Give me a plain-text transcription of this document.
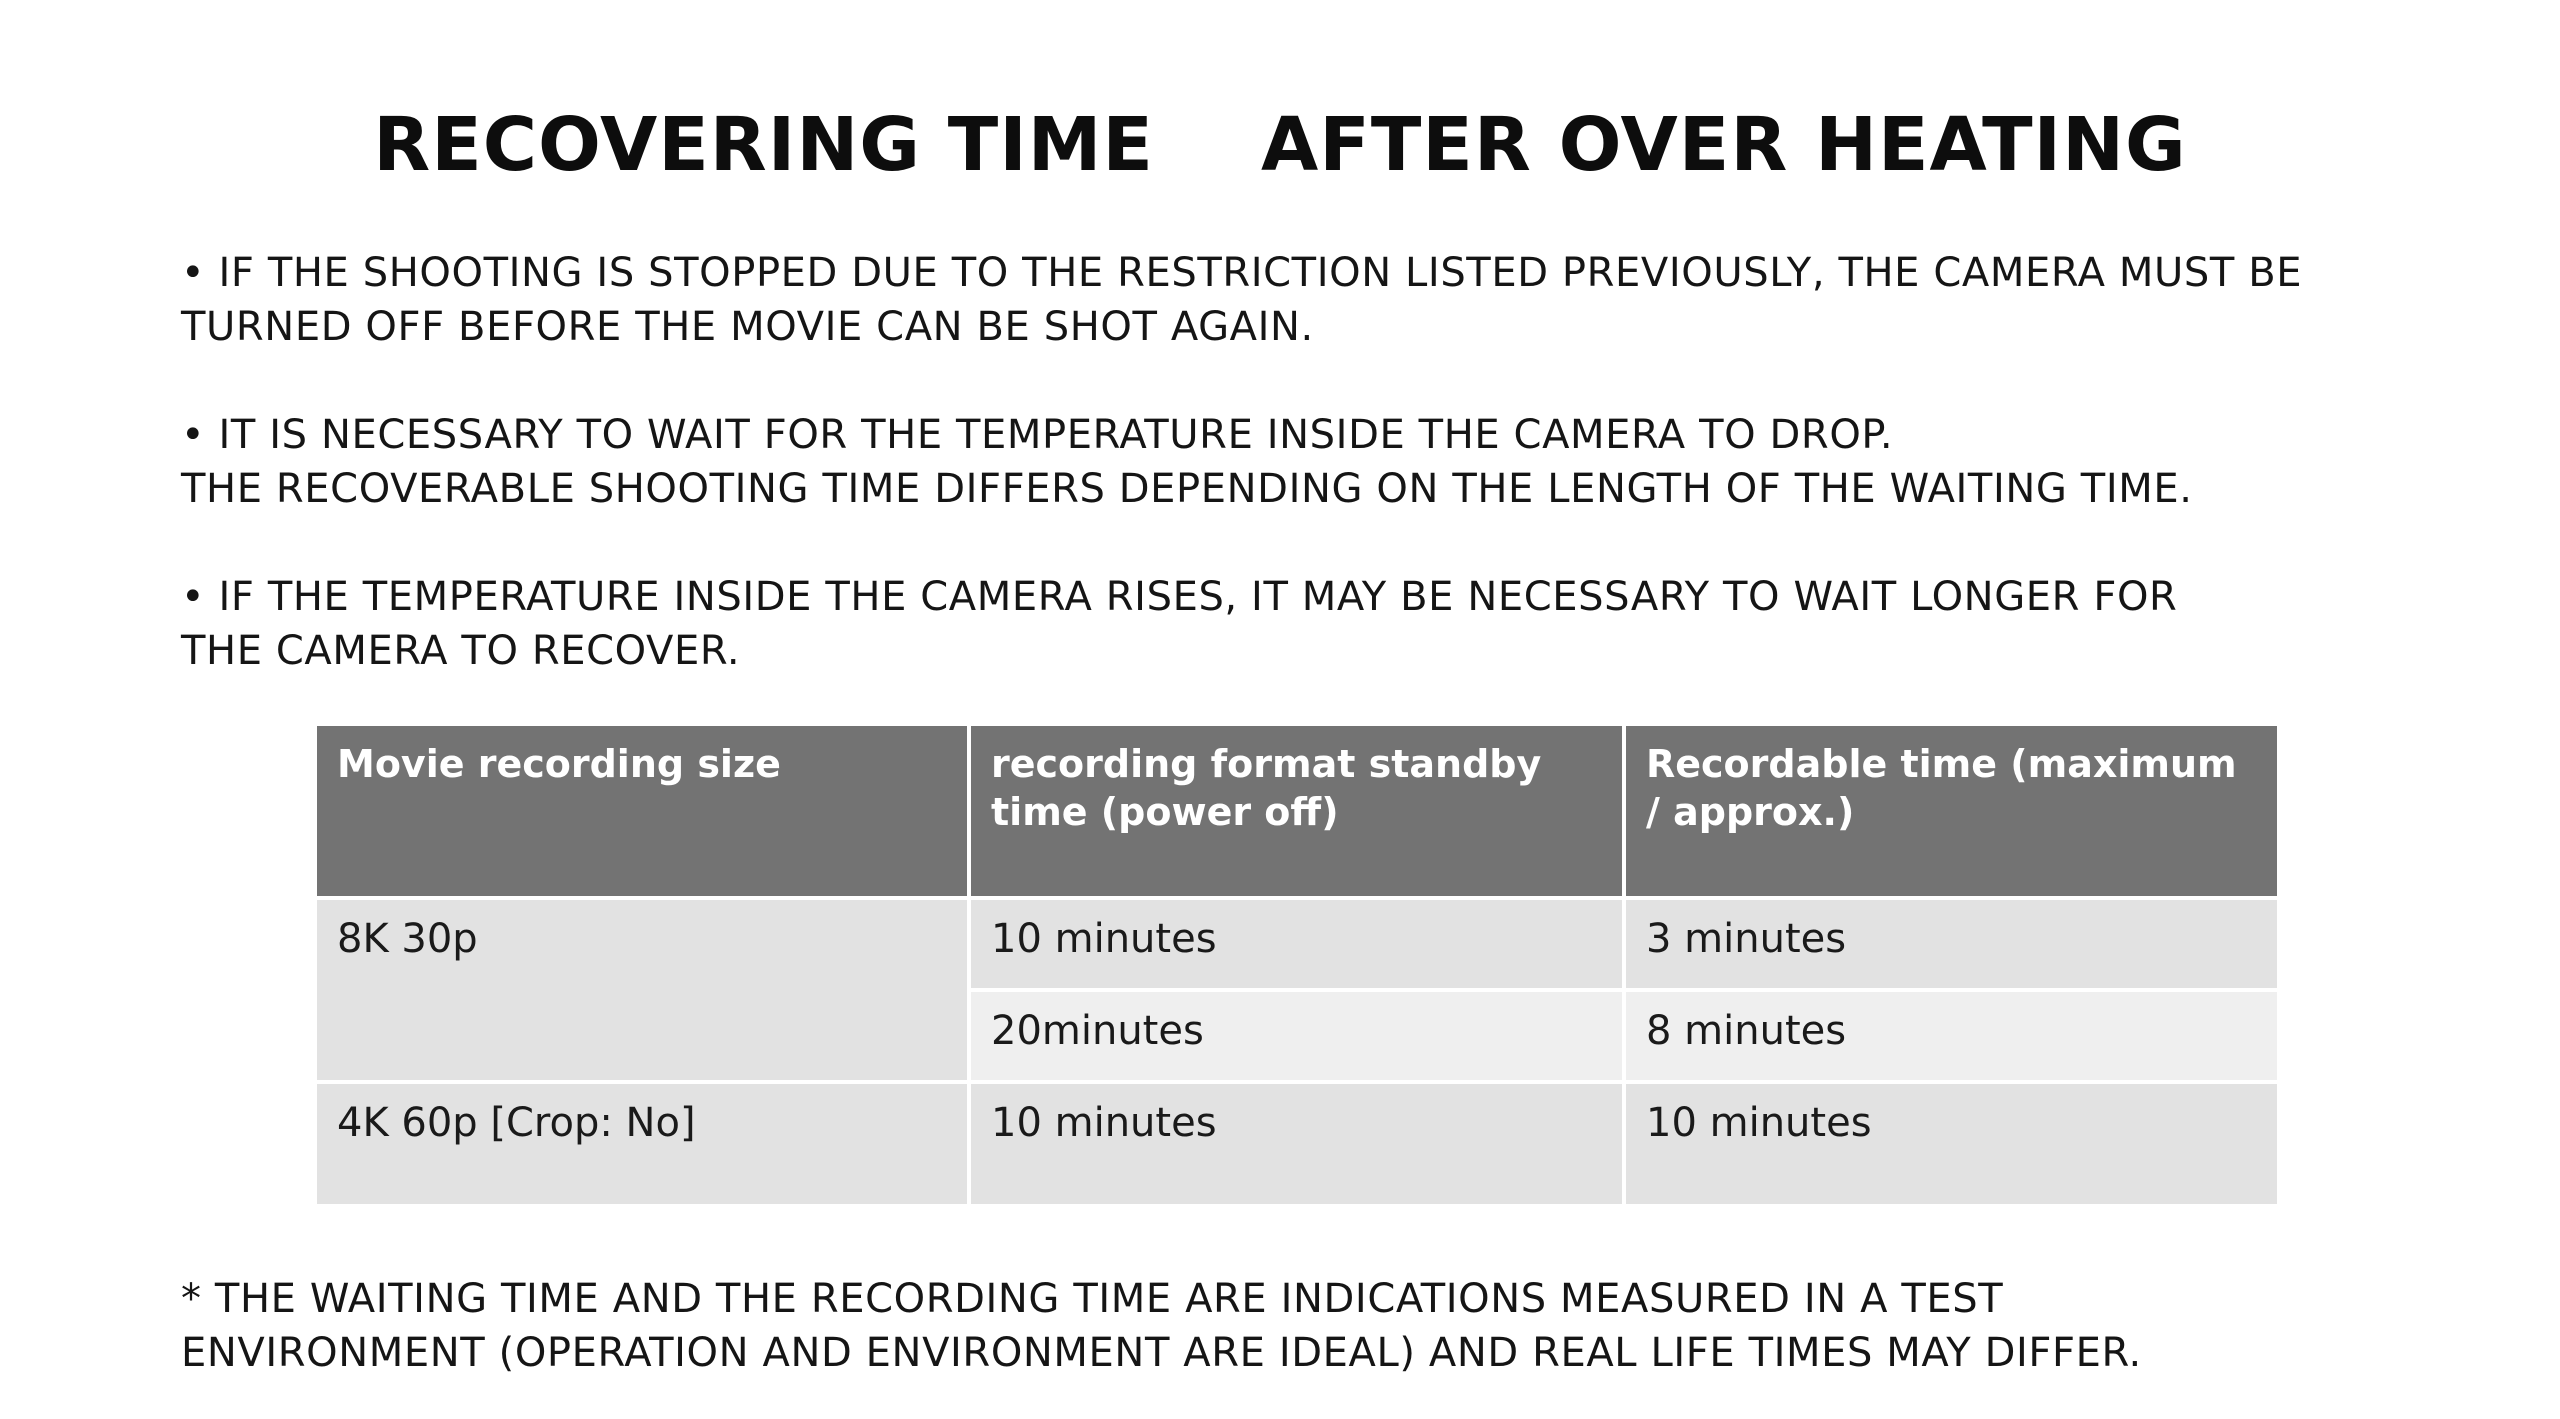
RECOVERING TIME    AFTER OVER HEATING

• IF THE SHOOTING IS STOPPED DUE TO THE RESTRICTION LISTED PREVIOUSLY, THE CAMERA MUST BE
TURNED OFF BEFORE THE MOVIE CAN BE SHOT AGAIN.

• IT IS NECESSARY TO WAIT FOR THE TEMPERATURE INSIDE THE CAMERA TO DROP.
THE RECOVERABLE SHOOTING TIME DIFFERS DEPENDING ON THE LENGTH OF THE WAITING TIME.

• IF THE TEMPERATURE INSIDE THE CAMERA RISES, IT MAY BE NECESSARY TO WAIT LONGER FOR
THE CAMERA TO RECOVER.

Movie recording size	recording format standby time (power off)	Recordable time (maximum / approx.)
8K 30p	10 minutes	3 minutes
	20minutes	8 minutes
4K 60p [Crop: No]	10 minutes	10 minutes
* THE WAITING TIME AND THE RECORDING TIME ARE INDICATIONS MEASURED IN A TEST
ENVIRONMENT (OPERATION AND ENVIRONMENT ARE IDEAL) AND REAL LIFE TIMES MAY DIFFER.
